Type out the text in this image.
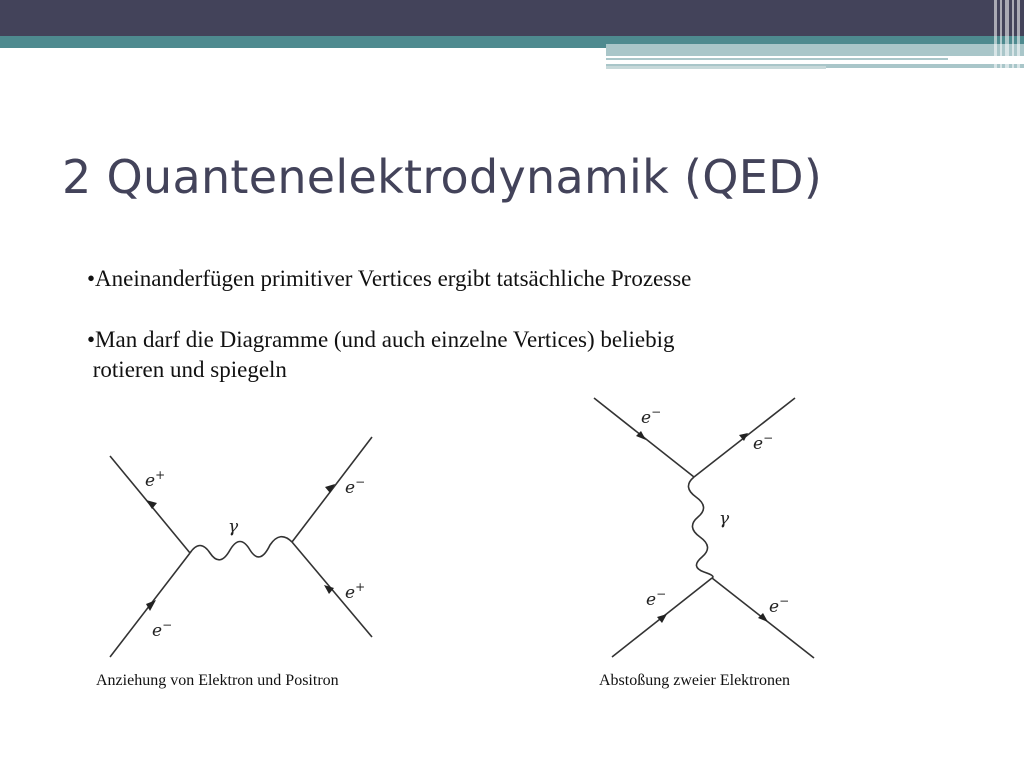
2 Quantenelektrodynamik (QED)
•Aneinanderfügen primitiver Vertices ergibt tatsächliche Prozesse
•Man darf die Diagramme (und auch einzelne Vertices) beliebig
rotieren und spiegeln
e+
e−
e−
e+
γ
e−
e−
e−
e−
γ
Anziehung von Elektron und Positron	Abstoßung zweier Elektronen
